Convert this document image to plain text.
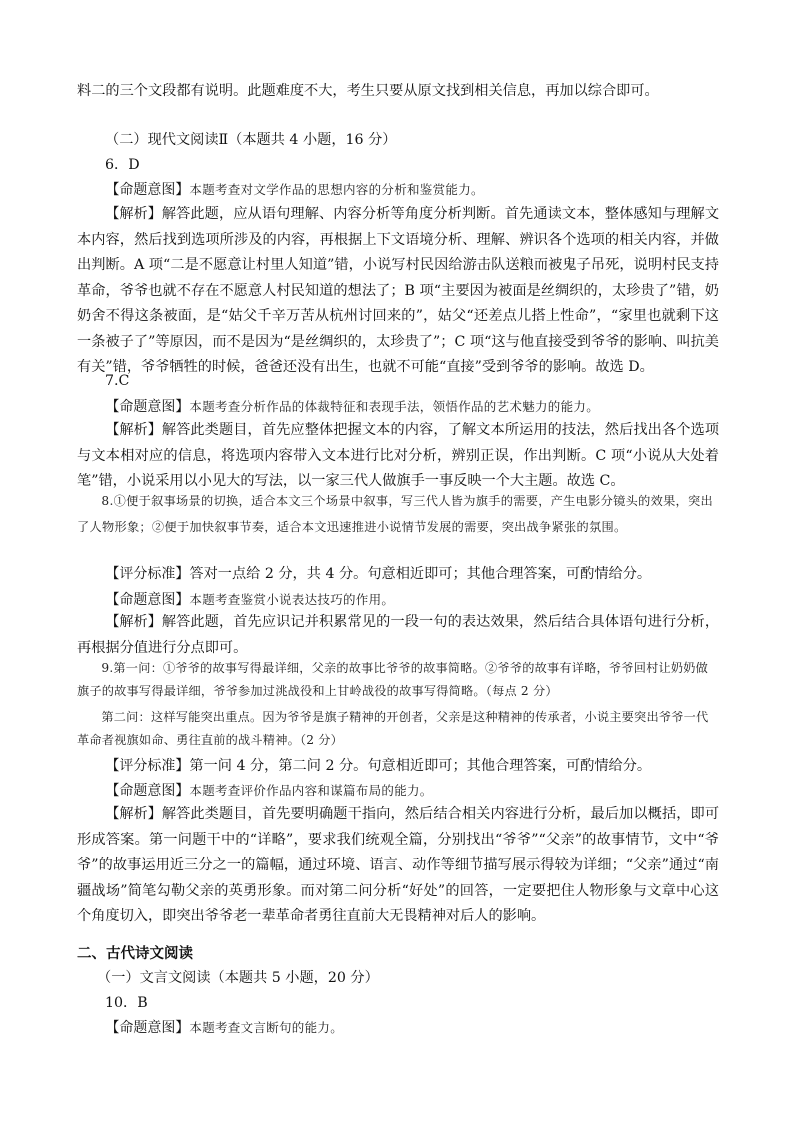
料二的三个文段都有说明。此题难度不大，考生只要从原文找到相关信息，再加以综合即可。

（二）现代文阅读Ⅱ（本题共 4 小题，16 分）

6．D

【命题意图】本题考查对文学作品的思想内容的分析和鉴赏能力。

【解析】解答此题，应从语句理解、内容分析等角度分析判断。首先通读文本，整体感知与理解文本内容，然后找到选项所涉及的内容，再根据上下文语境分析、理解、辨识各个选项的相关内容，并做出判断。A 项“二是不愿意让村里人知道”错，小说写村民因给游击队送粮而被鬼子吊死，说明村民支持革命，爷爷也就不存在不愿意人村民知道的想法了；B 项“主要因为被面是丝绸织的，太珍贵了”错，奶奶舍不得这条被面，是“姑父千辛万苦从杭州讨回来的”，姑父“还差点儿搭上性命”，“家里也就剩下这一条被子了”等原因，而不是因为“是丝绸织的，太珍贵了”；C 项“这与他直接受到爷爷的影响、叫抗美有关”错，爷爷牺牲的时候，爸爸还没有出生，也就不可能“直接”受到爷爷的影响。故选 D。

7.C

【命题意图】本题考查分析作品的体裁特征和表现手法，领悟作品的艺术魅力的能力。

【解析】解答此类题目，首先应整体把握文本的内容，了解文本所运用的技法，然后找出各个选项与文本相对应的信息，将选项内容带入文本进行比对分析，辨别正误，作出判断。C 项“小说从大处着笔”错，小说采用以小见大的写法，以一家三代人做旗手一事反映一个大主题。故选 C。

8.①便于叙事场景的切换，适合本文三个场景中叙事，写三代人皆为旗手的需要，产生电影分镜头的效果，突出了人物形象；②便于加快叙事节奏，适合本文迅速推进小说情节发展的需要，突出战争紧张的氛围。

【评分标准】答对一点给 2 分，共 4 分。句意相近即可；其他合理答案，可酌情给分。

【命题意图】本题考查鉴赏小说表达技巧的作用。

【解析】解答此题，首先应识记并积累常见的一段一句的表达效果，然后结合具体语句进行分析，再根据分值进行分点即可。

9.第一问：①爷爷的故事写得最详细，父亲的故事比爷爷的故事简略。②爷爷的故事有详略，爷爷回村让奶奶做旗子的故事写得最详细，爷爷参加过洮战役和上甘岭战役的故事写得简略。（每点 2 分）

第二问：这样写能突出重点。因为爷爷是旗子精神的开创者，父亲是这种精神的传承者，小说主要突出爷爷一代革命者视旗如命、勇往直前的战斗精神。（2 分）

【评分标准】第一问 4 分，第二问 2 分。句意相近即可；其他合理答案，可酌情给分。

【命题意图】本题考查评价作品内容和谋篇布局的能力。

【解析】解答此类题目，首先要明确题干指向，然后结合相关内容进行分析，最后加以概括，即可形成答案。第一问题干中的“详略”，要求我们统观全篇，分别找出“爷爷”“父亲”的故事情节，文中“爷爷”的故事运用近三分之一的篇幅，通过环境、语言、动作等细节描写展示得较为详细；“父亲”通过“南疆战场”简笔勾勒父亲的英勇形象。而对第二问分析“好处”的回答，一定要把住人物形象与文章中心这个角度切入，即突出爷爷老一辈革命者勇往直前大无畏精神对后人的影响。

二、古代诗文阅读

（一）文言文阅读（本题共 5 小题，20 分）

10．B

【命题意图】本题考查文言断句的能力。
